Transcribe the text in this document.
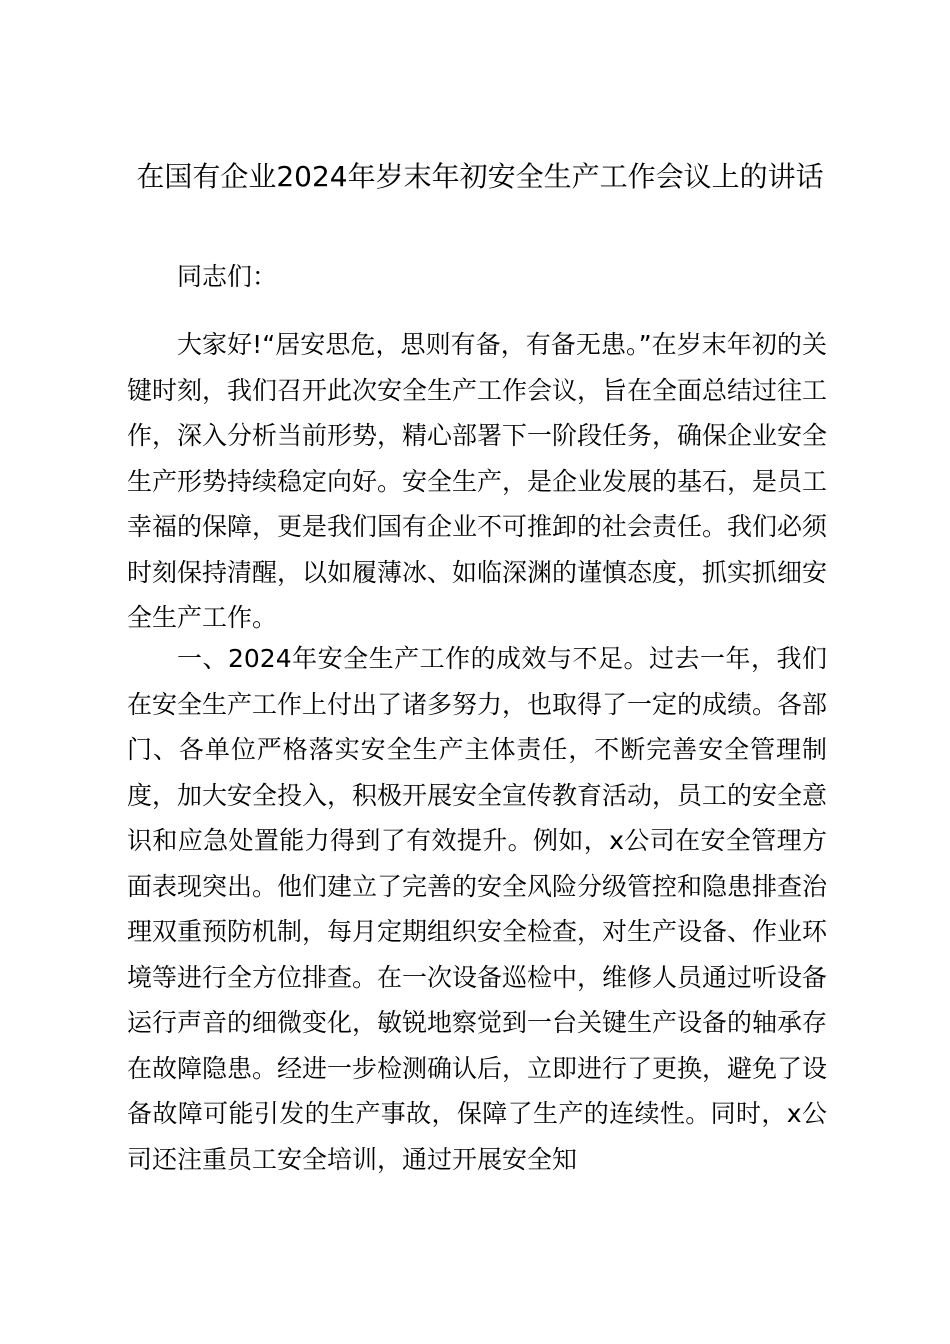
在国有企业2024年岁末年初安全生产工作会议上的讲话

同志们：

大家好!“居安思危，思则有备，有备无患。”在岁末年初的关键时刻，我们召开此次安全生产工作会议，旨在全面总结过往工作，深入分析当前形势，精心部署下一阶段任务，确保企业安全生产形势持续稳定向好。安全生产，是企业发展的基石，是员工幸福的保障，更是我们国有企业不可推卸的社会责任。我们必须时刻保持清醒，以如履薄冰、如临深渊的谨慎态度，抓实抓细安全生产工作。

一、2024年安全生产工作的成效与不足。过去一年，我们在安全生产工作上付出了诸多努力，也取得了一定的成绩。各部门、各单位严格落实安全生产主体责任，不断完善安全管理制度，加大安全投入，积极开展安全宣传教育活动，员工的安全意识和应急处置能力得到了有效提升。例如，x公司在安全管理方面表现突出。他们建立了完善的安全风险分级管控和隐患排查治理双重预防机制，每月定期组织安全检查，对生产设备、作业环境等进行全方位排查。在一次设备巡检中，维修人员通过听设备运行声音的细微变化，敏锐地察觉到一台关键生产设备的轴承存在故障隐患。经进一步检测确认后，立即进行了更换，避免了设备故障可能引发的生产事故，保障了生产的连续性。同时，x公司还注重员工安全培训，通过开展安全知
